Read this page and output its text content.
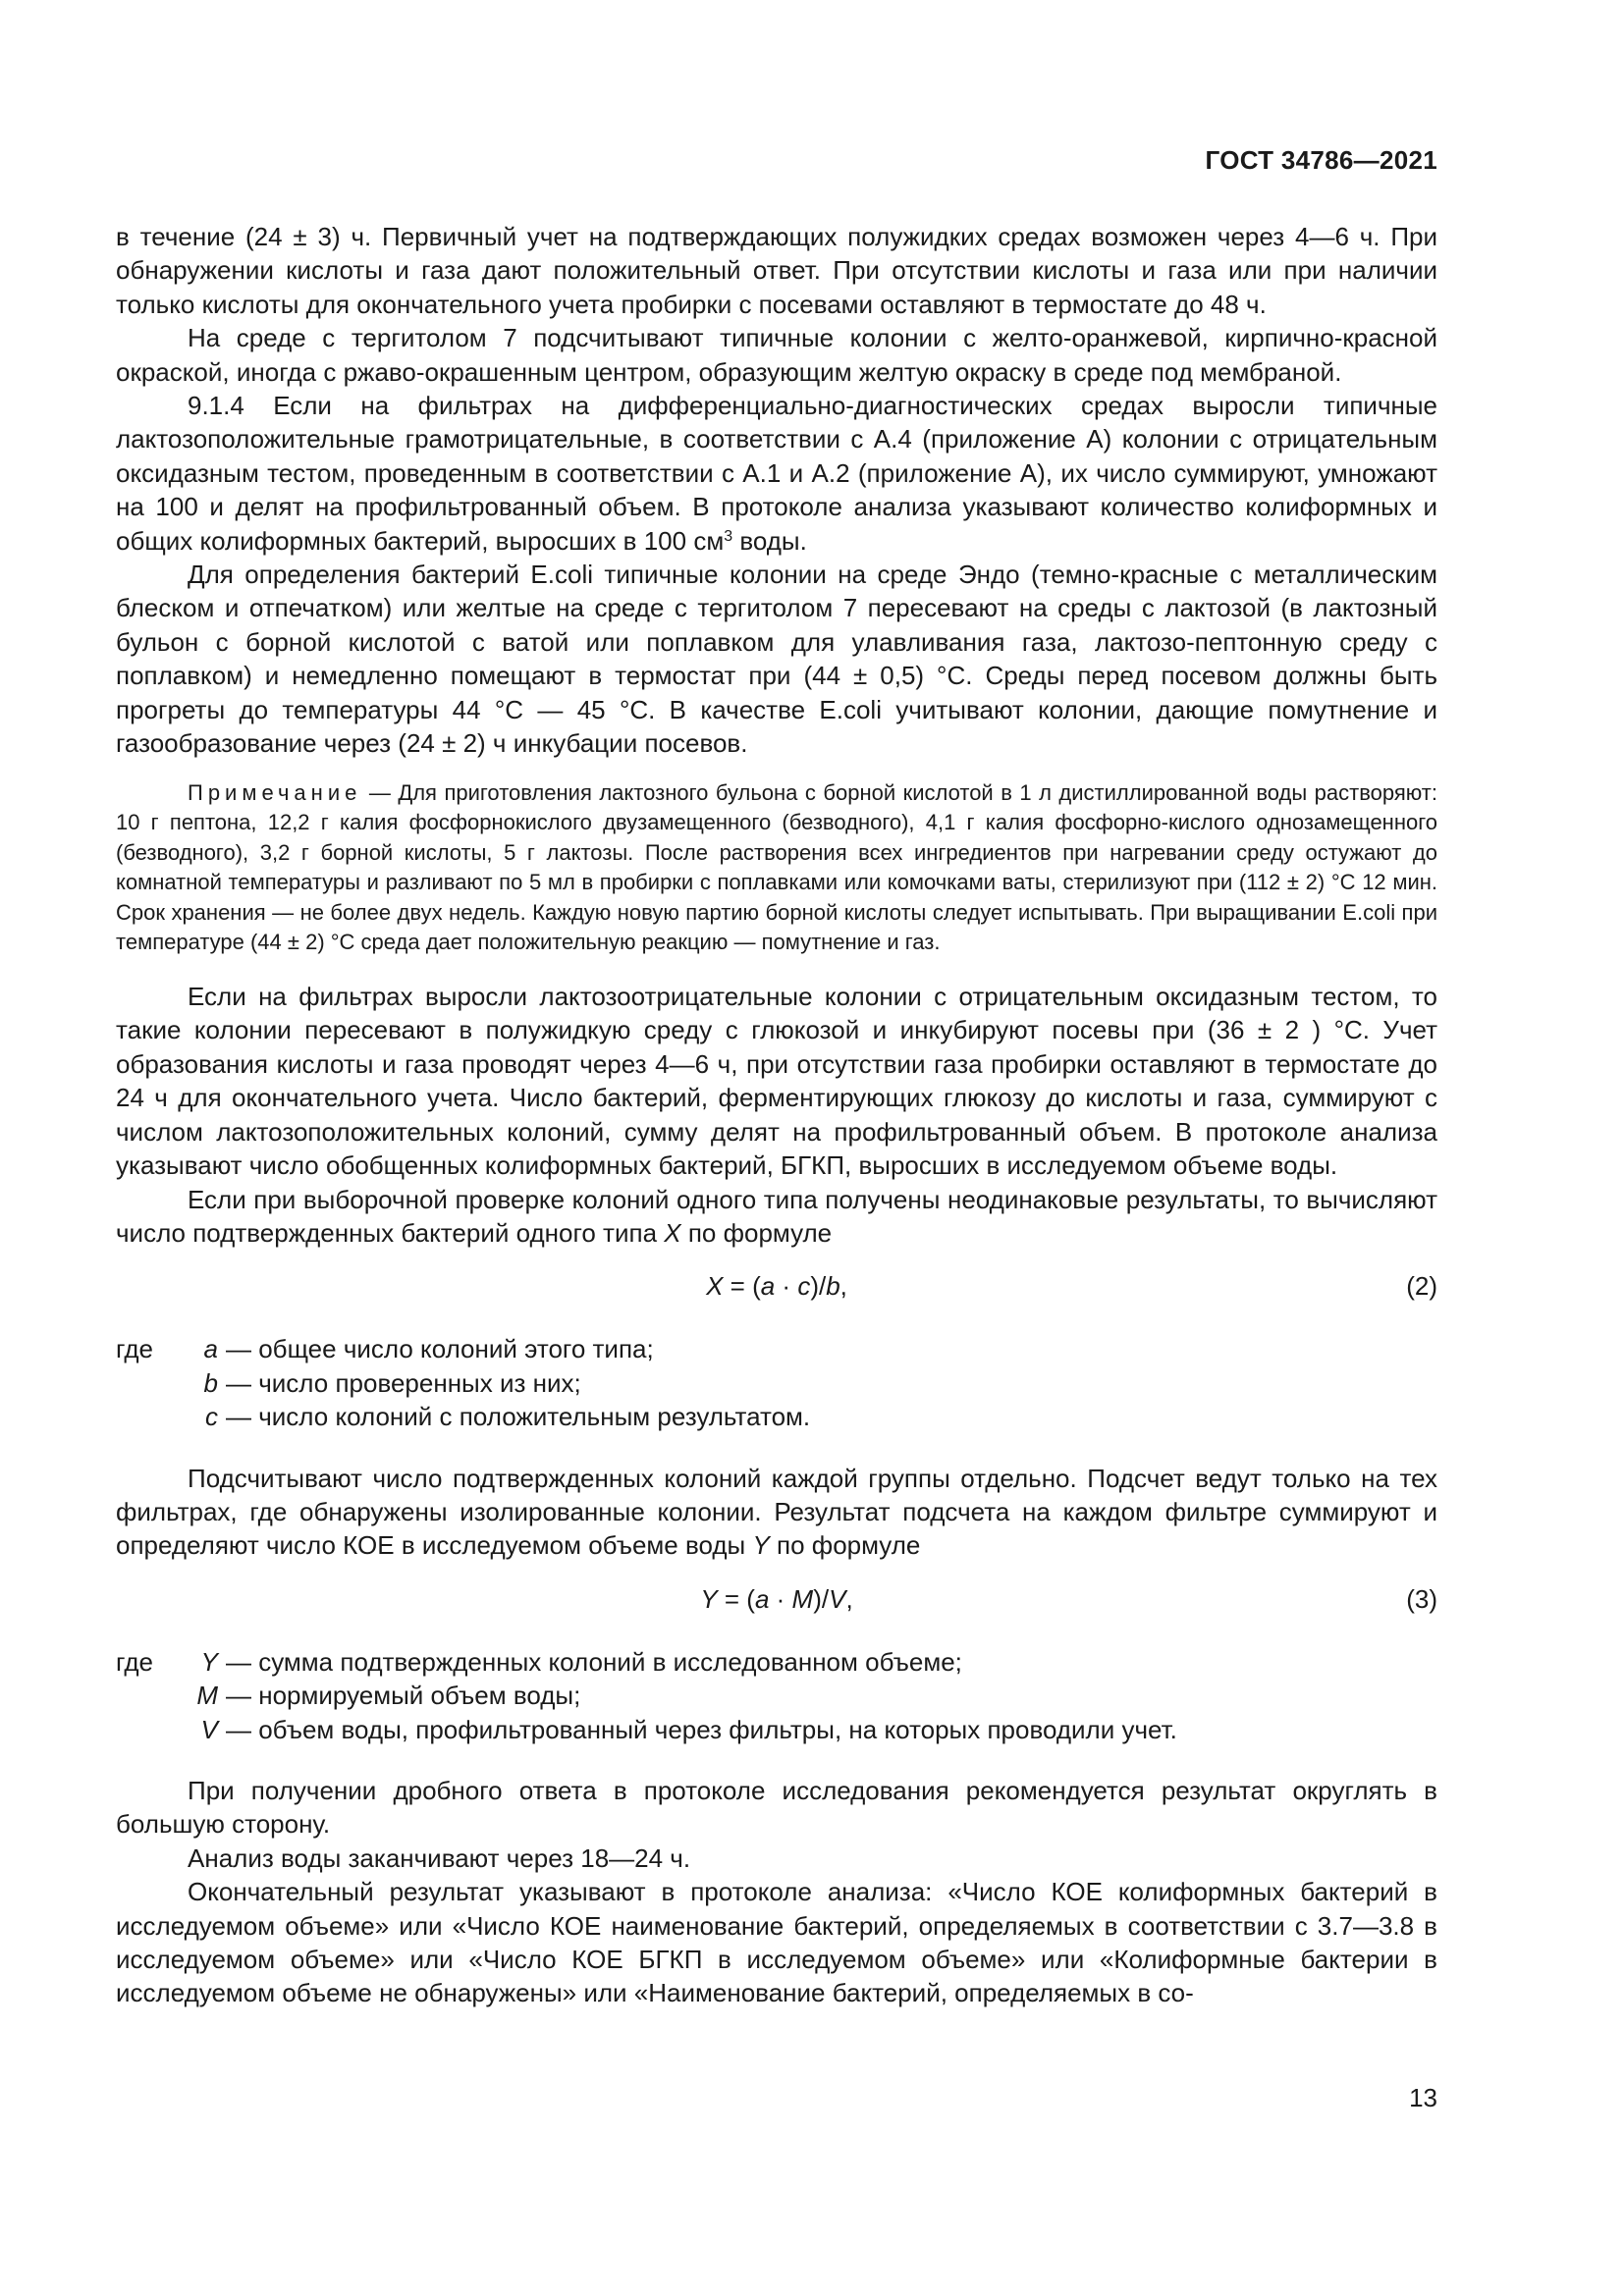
ГОСТ 34786—2021

в течение (24 ± 3) ч. Первичный учет на подтверждающих полужидких средах возможен через 4—6 ч. При обнаружении кислоты и газа дают положительный ответ. При отсутствии кислоты и газа или при наличии только кислоты для окончательного учета пробирки с посевами оставляют в термостате до 48 ч.

На среде с тергитолом 7 подсчитывают типичные колонии с желто-оранжевой, кирпично-красной окраской, иногда с ржаво-окрашенным центром, образующим желтую окраску в среде под мембраной.

9.1.4 Если на фильтрах на дифференциально-диагностических средах выросли типичные лактозоположительные грамотрицательные, в соответствии с А.4 (приложение А) колонии с отрицательным оксидазным тестом, проведенным в соответствии с А.1 и А.2 (приложение А), их число суммируют, умножают на 100 и делят на профильтрованный объем. В протоколе анализа указывают количество колиформных и общих колиформных бактерий, выросших в 100 $см^3$ воды.

Для определения бактерий E.coli типичные колонии на среде Эндо (темно-красные с металлическим блеском и отпечатком) или желтые на среде с тергитолом 7 пересевают на среды с лактозой (в лактозный бульон с борной кислотой с ватой или поплавком для улавливания газа, лактозо-пептонную среду с поплавком) и немедленно помещают в термостат при (44 ± 0,5) °С. Среды перед посевом должны быть прогреты до температуры 44 °С — 45 °С. В качестве E.coli учитывают колонии, дающие помутнение и газообразование через (24 ± 2) ч инкубации посевов.

Примечание — Для приготовления лактозного бульона с борной кислотой в 1 л дистиллированной воды растворяют: 10 г пептона, 12,2 г калия фосфорнокислого двузамещенного (безводного), 4,1 г калия фосфорно-кислого однозамещенного (безводного), 3,2 г борной кислоты, 5 г лактозы. После растворения всех ингредиентов при нагревании среду остужают до комнатной температуры и разливают по 5 мл в пробирки с поплавками или комочками ваты, стерилизуют при (112 ± 2) °С 12 мин. Срок хранения — не более двух недель. Каждую новую партию борной кислоты следует испытывать. При выращивании E.coli при температуре (44 ± 2) °С среда дает положительную реакцию — помутнение и газ.

Если на фильтрах выросли лактозоотрицательные колонии с отрицательным оксидазным тестом, то такие колонии пересевают в полужидкую среду с глюкозой и инкубируют посевы при (36 ± 2 ) °С. Учет образования кислоты и газа проводят через 4—6 ч, при отсутствии газа пробирки оставляют в термостате до 24 ч для окончательного учета. Число бактерий, ферментирующих глюкозу до кислоты и газа, суммируют с числом лактозоположительных колоний, сумму делят на профильтрованный объем. В протоколе анализа указывают число обобщенных колиформных бактерий, БГКП, выросших в исследуемом объеме воды.

Если при выборочной проверке колоний одного типа получены неодинаковые результаты, то вычисляют число подтвержденных бактерий одного типа X по формуле

X = (a · c)/b,	(2)
где	a — общее число колоний этого типа;
b — число проверенных из них;
c — число колоний с положительным результатом.

Подсчитывают число подтвержденных колоний каждой группы отдельно. Подсчет ведут только на тех фильтрах, где обнаружены изолированные колонии. Результат подсчета на каждом фильтре суммируют и определяют число КОЕ в исследуемом объеме воды Y по формуле

Y = (a · M)/V,	(3)
где	Y — сумма подтвержденных колоний в исследованном объеме;
M — нормируемый объем воды;
V — объем воды, профильтрованный через фильтры, на которых проводили учет.

При получении дробного ответа в протоколе исследования рекомендуется результат округлять в большую сторону.

Анализ воды заканчивают через 18—24 ч.

Окончательный результат указывают в протоколе анализа: «Число КОЕ колиформных бактерий в исследуемом объеме» или «Число КОЕ наименование бактерий, определяемых в соответствии с 3.7—3.8 в исследуемом объеме» или «Число КОЕ БГКП в исследуемом объеме» или «Колиформные бактерии в исследуемом объеме не обнаружены» или «Наименование бактерий, определяемых в со-

13
